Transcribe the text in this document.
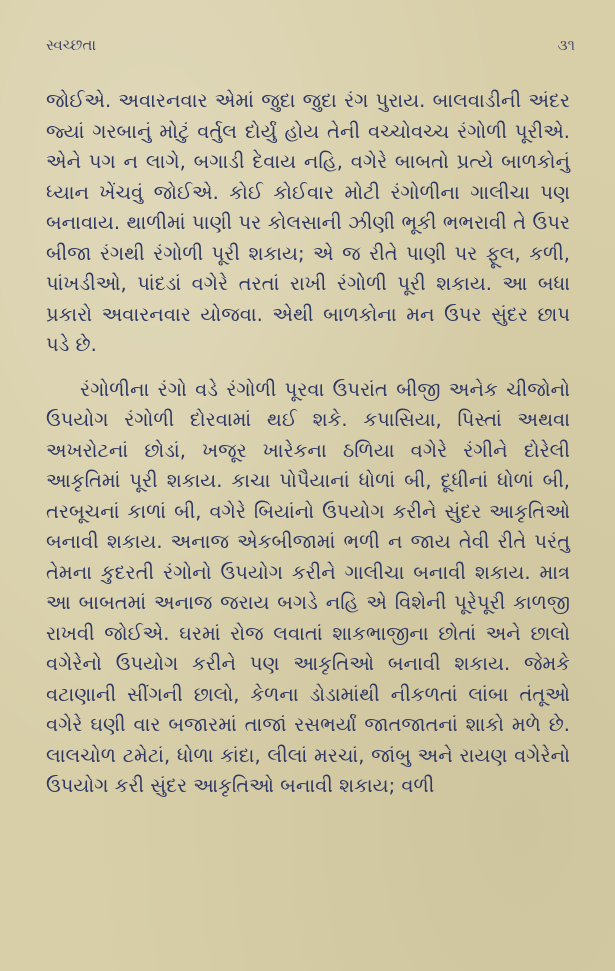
સ્વચ્છતા	૩૧

જોઈએ. અવારનવાર એમાં જુદા જુદા રંગ પુરાય. બાલવાડીની અંદર જ્યાં ગરબાનું મોટું વર્તુલ દોર્યું હોય તેની વચ્ચોવચ્ચ રંગોળી પૂરીએ. એને પગ ન લાગે, બગાડી દેવાય નહિ, વગેરે બાબતો પ્રત્યે બાળકોનું ધ્યાન ખેંચવું જોઈએ. કોઈ કોઈવાર મોટી રંગોળીના ગાલીચા પણ બનાવાય. થાળીમાં પાણી પર કોલસાની ઝીણી ભૂકી ભભરાવી તે ઉપર બીજા રંગથી રંગોળી પૂરી શકાય; એ જ રીતે પાણી પર ફૂલ, કળી, પાંખડીઓ, પાંદડાં વગેરે તરતાં રાખી રંગોળી પૂરી શકાય. આ બધા પ્રકારો અવારનવાર યોજવા. એથી બાળકોના મન ઉપર સુંદર છાપ પડે છે.

રંગોળીના રંગો વડે રંગોળી પૂરવા ઉપરાંત બીજી અનેક ચીજોનો ઉપયોગ રંગોળી દોરવામાં થઈ શકે. કપાસિયા, પિસ્તાં અથવા અખરોટનાં છોડાં, ખજૂર ખારેકના ઠળિયા વગેરે રંગીને દોરેલી આકૃતિમાં પૂરી શકાય. કાચા પોપૈયાનાં ધોળાં બી, દૂધીનાં ધોળાં બી, તરબૂચનાં કાળાં બી, વગેરે બિયાંનો ઉપયોગ કરીને સુંદર આકૃતિઓ બનાવી શકાય. અનાજ એકબીજામાં ભળી ન જાય તેવી રીતે પરંતુ તેમના કુદરતી રંગોનો ઉપયોગ કરીને ગાલીચા બનાવી શકાય. માત્ર આ બાબતમાં અનાજ જરાય બગડે નહિ એ વિશેની પૂરેપૂરી કાળજી રાખવી જોઈએ. ઘરમાં રોજ લવાતાં શાકભાજીના છોતાં અને છાલો વગેરેનો ઉપયોગ કરીને પણ આકૃતિઓ બનાવી શકાય. જેમકે વટાણાની સીંગની છાલો, કેળના ડોડામાંથી નીકળતાં લાંબા તંતૂઓ વગેરે ઘણી વાર બજારમાં તાજાં રસભર્યાં જાતજાતનાં શાકો મળે છે. લાલચોળ ટમેટાં, ધોળા કાંદા, લીલાં મરચાં, જાંબુ અને રાયણ વગેરેનો ઉપયોગ કરી સુંદર આકૃતિઓ બનાવી શકાય; વળી
